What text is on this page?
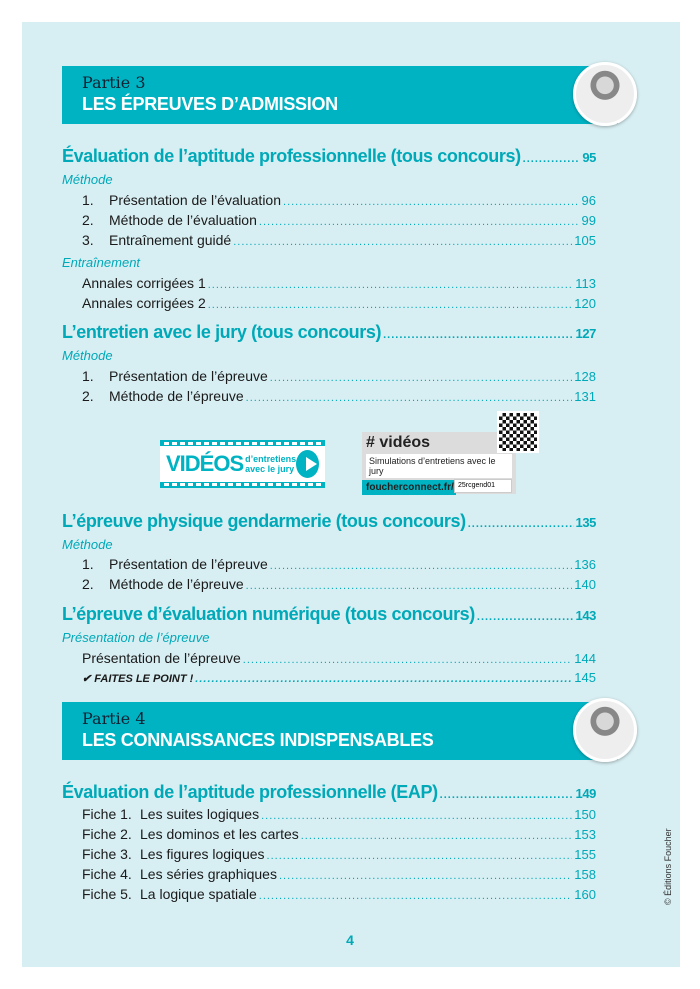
Partie 3
LES ÉPREUVES D’ADMISSION
Évaluation de l’aptitude professionnelle (tous concours) .....	95
Méthode
1. Présentation de l’évaluation .....	96
2. Méthode de l’évaluation .....	99
3. Entraînement guidé .....	105
Entraînement
Annales corrigées 1 .....	113
Annales corrigées 2 .....	120
L’entretien avec le jury (tous concours) .....	127
Méthode
1. Présentation de l’épreuve .....	128
2. Méthode de l’épreuve .....	131
VIDÉOS d’entretiens
avec le jury
# vidéos
Simulations d’entretiens avec le jury
foucherconnect.fr/ 25rcgend01
L’épreuve physique gendarmerie (tous concours) .....	135
Méthode
1. Présentation de l’épreuve .....	136
2. Méthode de l’épreuve .....	140
L’épreuve d’évaluation numérique (tous concours) .....	143
Présentation de l’épreuve
Présentation de l’épreuve .....	144
✔ FAITES LE POINT ! .....	145
Partie 4
LES CONNAISSANCES INDISPENSABLES
Évaluation de l’aptitude professionnelle (EAP) .....	149
Fiche 1. Les suites logiques .....	150
Fiche 2. Les dominos et les cartes .....	153
Fiche 3. Les figures logiques .....	155
Fiche 4. Les séries graphiques .....	158
Fiche 5. La logique spatiale .....	160	© Éditions Foucher
4
